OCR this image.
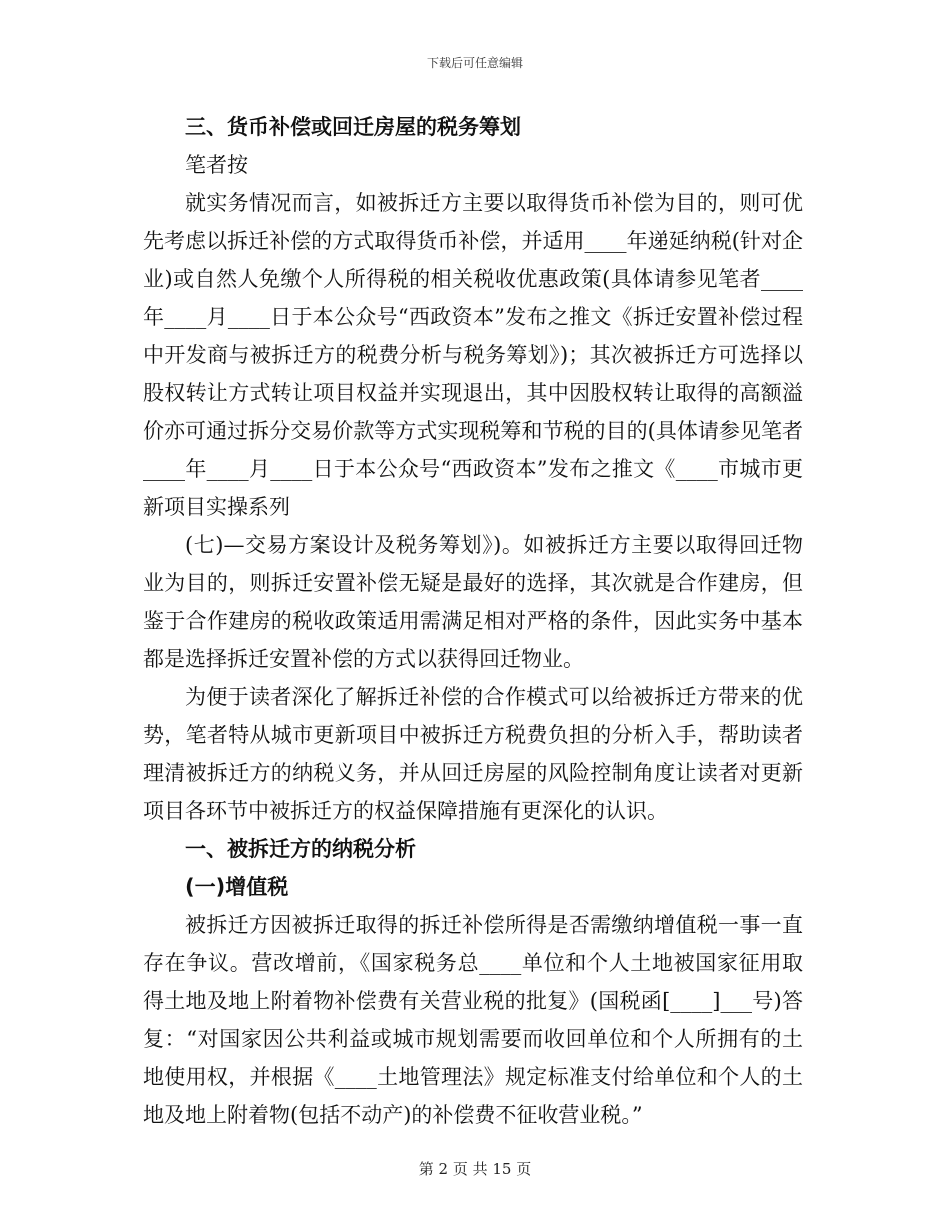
下载后可任意编辑

三、货币补偿或回迁房屋的税务筹划

笔者按

就实务情况而言，如被拆迁方主要以取得货币补偿为目的，则可优先考虑以拆迁补偿的方式取得货币补偿，并适用____年递延纳税(针对企业)或自然人免缴个人所得税的相关税收优惠政策(具体请参见笔者____年____月____日于本公众号“西政资本”发布之推文《拆迁安置补偿过程中开发商与被拆迁方的税费分析与税务筹划》)；其次被拆迁方可选择以股权转让方式转让项目权益并实现退出，其中因股权转让取得的高额溢价亦可通过拆分交易价款等方式实现税筹和节税的目的(具体请参见笔者____年____月____日于本公众号“西政资本”发布之推文《____市城市更新项目实操系列

(七)—交易方案设计及税务筹划》)。如被拆迁方主要以取得回迁物业为目的，则拆迁安置补偿无疑是最好的选择，其次就是合作建房，但鉴于合作建房的税收政策适用需满足相对严格的条件，因此实务中基本都是选择拆迁安置补偿的方式以获得回迁物业。

为便于读者深化了解拆迁补偿的合作模式可以给被拆迁方带来的优势，笔者特从城市更新项目中被拆迁方税费负担的分析入手，帮助读者理清被拆迁方的纳税义务，并从回迁房屋的风险控制角度让读者对更新项目各环节中被拆迁方的权益保障措施有更深化的认识。

一、被拆迁方的纳税分析

(一)增值税

被拆迁方因被拆迁取得的拆迁补偿所得是否需缴纳增值税一事一直存在争议。营改增前，《国家税务总____单位和个人土地被国家征用取得土地及地上附着物补偿费有关营业税的批复》(国税函[____]___号)答复：“对国家因公共利益或城市规划需要而收回单位和个人所拥有的土地使用权，并根据《____土地管理法》规定标准支付给单位和个人的土地及地上附着物(包括不动产)的补偿费不征收营业税。”

第 2 页 共 15 页
